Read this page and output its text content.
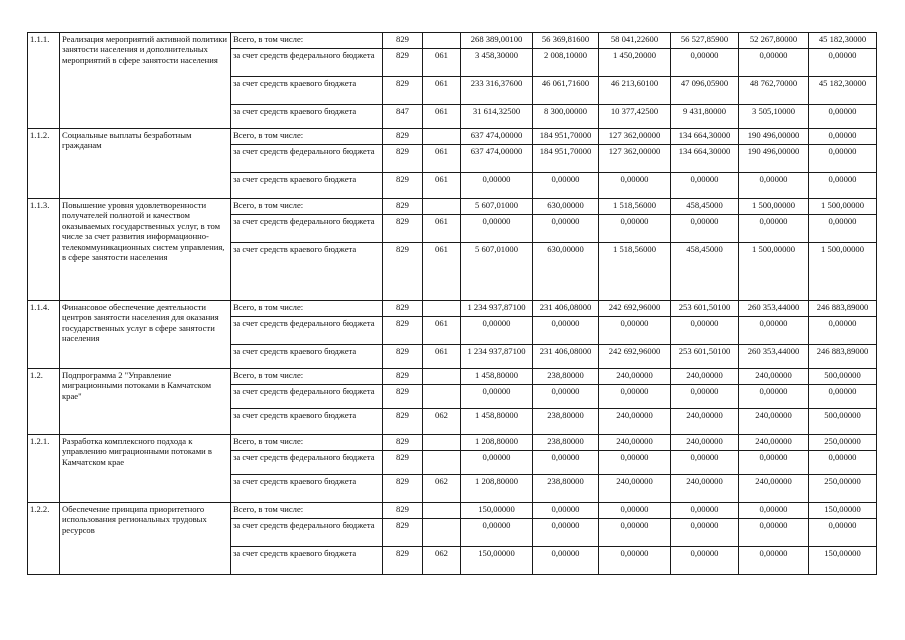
1.1.1.	Реализация мероприятий активной политики занятости населения и дополнительных мероприятий в сфере занятости населения	Всего, в том числе:	829		268 389,00100	56 369,81600	58 041,22600	56 527,85900	52 267,80000	45 182,30000
		за счет средств федерального бюджета	829	061	3 458,30000	2 008,10000	1 450,20000	0,00000	0,00000	0,00000
		за счет средств краевого бюджета	829	061	233 316,37600	46 061,71600	46 213,60100	47 096,05900	48 762,70000	45 182,30000
		за счет средств краевого бюджета	847	061	31 614,32500	8 300,00000	10 377,42500	9 431,80000	3 505,10000	0,00000
1.1.2.	Социальные выплаты безработным гражданам	Всего, в том числе:	829		637 474,00000	184 951,70000	127 362,00000	134 664,30000	190 496,00000	0,00000
		за счет средств федерального бюджета	829	061	637 474,00000	184 951,70000	127 362,00000	134 664,30000	190 496,00000	0,00000
		за счет средств краевого бюджета	829	061	0,00000	0,00000	0,00000	0,00000	0,00000	0,00000
1.1.3.	Повышение уровня удовлетворенности получателей полнотой и качеством оказываемых государственных услуг, в том числе за счет развития информационно-телекоммуникационных систем управления, в сфере занятости населения	Всего, в том числе:	829		5 607,01000	630,00000	1 518,56000	458,45000	1 500,00000	1 500,00000
		за счет средств федерального бюджета	829	061	0,00000	0,00000	0,00000	0,00000	0,00000	0,00000
		за счет средств краевого бюджета	829	061	5 607,01000	630,00000	1 518,56000	458,45000	1 500,00000	1 500,00000
1.1.4.	Финансовое обеспечение деятельности центров занятости населения для оказания государственных услуг в сфере занятости населения	Всего, в том числе:	829		1 234 937,87100	231 406,08000	242 692,96000	253 601,50100	260 353,44000	246 883,89000
		за счет средств федерального бюджета	829	061	0,00000	0,00000	0,00000	0,00000	0,00000	0,00000
		за счет средств краевого бюджета	829	061	1 234 937,87100	231 406,08000	242 692,96000	253 601,50100	260 353,44000	246 883,89000
1.2.	Подпрограмма 2 "Управление миграционными потоками в Камчатском крае"	Всего, в том числе:	829		1 458,80000	238,80000	240,00000	240,00000	240,00000	500,00000
		за счет средств федерального бюджета	829		0,00000	0,00000	0,00000	0,00000	0,00000	0,00000
		за счет средств краевого бюджета	829	062	1 458,80000	238,80000	240,00000	240,00000	240,00000	500,00000
1.2.1.	Разработка комплексного подхода к управлению миграционными потоками в Камчатском крае	Всего, в том числе:	829		1 208,80000	238,80000	240,00000	240,00000	240,00000	250,00000
		за счет средств федерального бюджета	829		0,00000	0,00000	0,00000	0,00000	0,00000	0,00000
		за счет средств краевого бюджета	829	062	1 208,80000	238,80000	240,00000	240,00000	240,00000	250,00000
1.2.2.	Обеспечение принципа приоритетного использования региональных трудовых ресурсов	Всего, в том числе:	829		150,00000	0,00000	0,00000	0,00000	0,00000	150,00000
		за счет средств федерального бюджета	829		0,00000	0,00000	0,00000	0,00000	0,00000	0,00000
		за счет средств краевого бюджета	829	062	150,00000	0,00000	0,00000	0,00000	0,00000	150,00000
